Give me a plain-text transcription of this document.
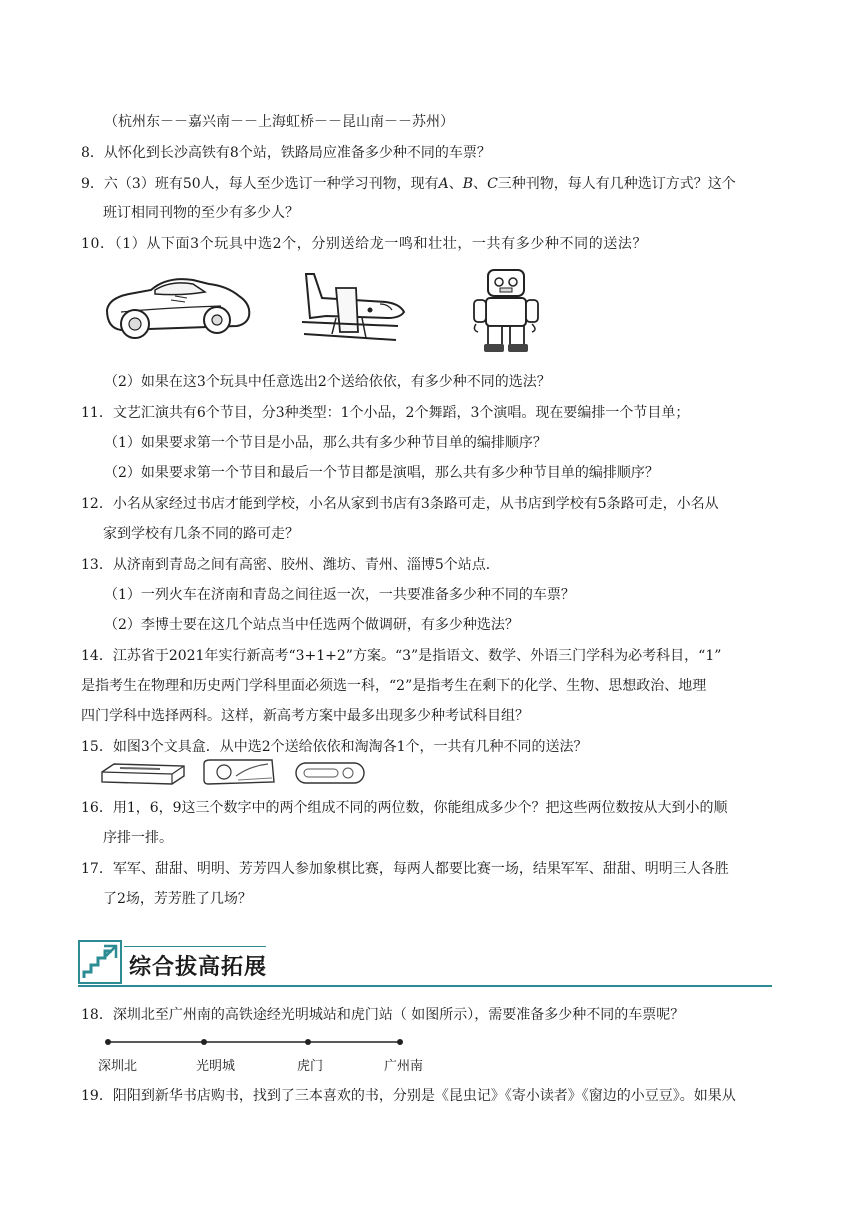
（杭州东－－嘉兴南－－上海虹桥－－昆山南－－苏州）
8．从怀化到长沙高铁有8个站，铁路局应准备多少种不同的车票？
9．六（3）班有50人，每人至少选订一种学习刊物，现有A、B、C三种刊物，每人有几种选订方式？这个
班订相同刊物的至少有多少人？
10．（1）从下面3个玩具中选2个，分别送给龙一鸣和壮壮，一共有多少种不同的送法？
（2）如果在这3个玩具中任意选出2个送给依依，有多少种不同的选法？
11．文艺汇演共有6个节目，分3种类型：1个小品，2个舞蹈，3个演唱。现在要编排一个节目单；
（1）如果要求第一个节目是小品，那么共有多少种节目单的编排顺序？
（2）如果要求第一个节目和最后一个节目都是演唱，那么共有多少种节目单的编排顺序？
12．小名从家经过书店才能到学校，小名从家到书店有3条路可走，从书店到学校有5条路可走，小名从
家到学校有几条不同的路可走？
13．从济南到青岛之间有高密、胶州、潍坊、青州、淄博5个站点．
（1）一列火车在济南和青岛之间往返一次，一共要准备多少种不同的车票？
（2）李博士要在这几个站点当中任选两个做调研，有多少种选法？
14．江苏省于2021年实行新高考“3+1+2”方案。“3”是指语文、数学、外语三门学科为必考科目，“1”
是指考生在物理和历史两门学科里面必须选一科，“2”是指考生在剩下的化学、生物、思想政治、地理
四门学科中选择两科。这样，新高考方案中最多出现多少种考试科目组？
15．如图3个文具盒．从中选2个送给依依和淘淘各1个，一共有几种不同的送法？
16．用1，6，9这三个数字中的两个组成不同的两位数，你能组成多少个？把这些两位数按从大到小的顺
序排一排。
17．军军、甜甜、明明、芳芳四人参加象棋比赛，每两人都要比赛一场，结果军军、甜甜、明明三人各胜
了2场，芳芳胜了几场？
综合拔高拓展
18．深圳北至广州南的高铁途经光明城站和虎门站（ 如图所示），需要准备多少种不同的车票呢？
深圳北	光明城	虎门	广州南
19．阳阳到新华书店购书，找到了三本喜欢的书，分别是《昆虫记》《寄小读者》《窗边的小豆豆》。如果从
